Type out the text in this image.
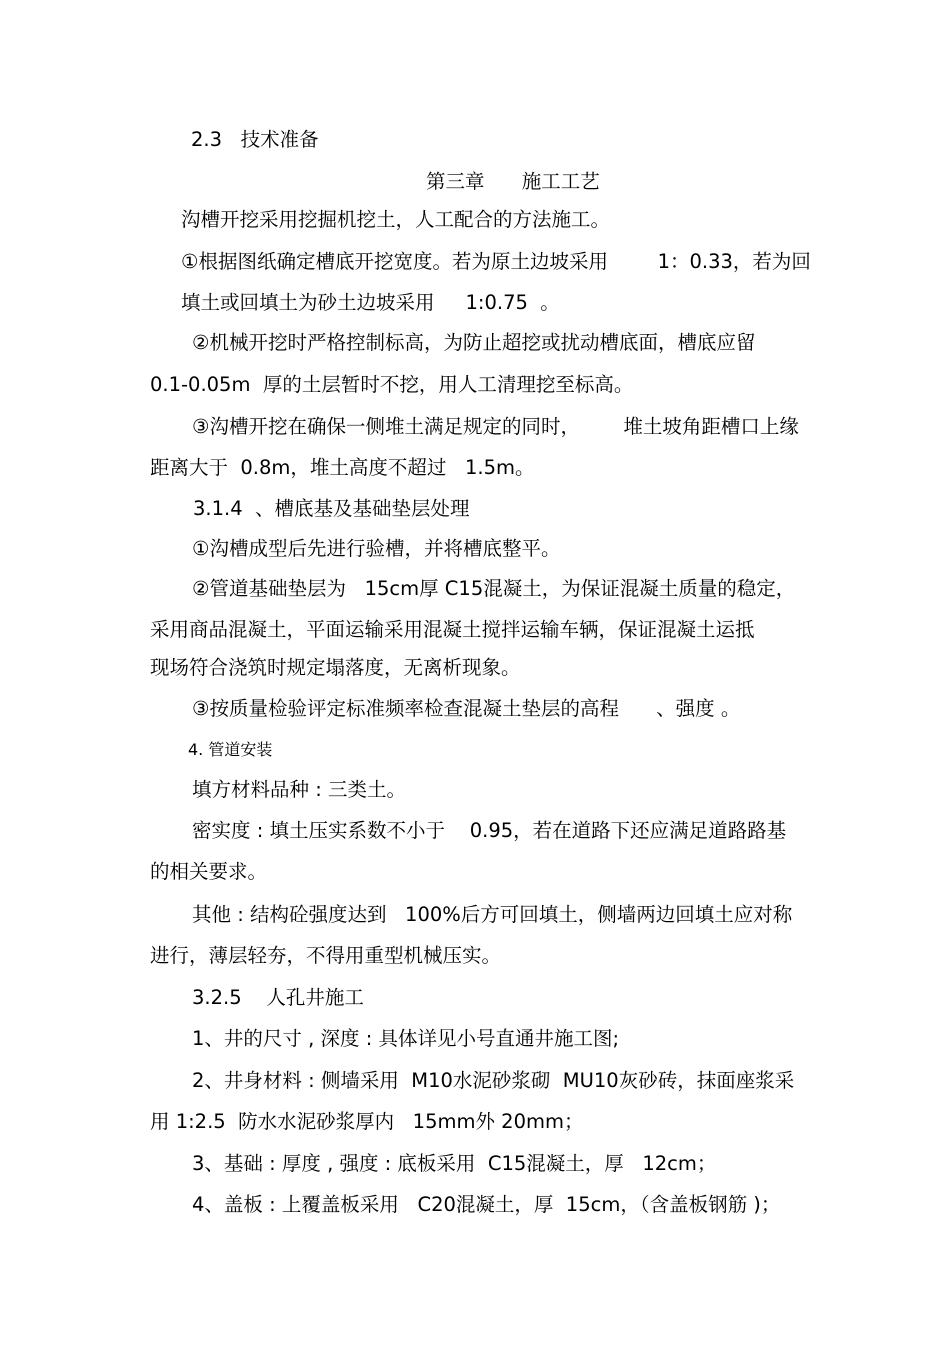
2.3   技术准备
第三章      施工工艺
沟槽开挖采用挖掘机挖土，人工配合的方法施工。
①根据图纸确定槽底开挖宽度。若为原土边坡采用        1：0.33，若为回
填土或回填土为砂土边坡采用     1:0.75  。
②机械开挖时严格控制标高，为防止超挖或扰动槽底面，槽底应留
0.1-0.05m  厚的土层暂时不挖，用人工清理挖至标高。
③沟槽开挖在确保一侧堆土满足规定的同时，       堆土坡角距槽口上缘
距离大于  0.8m，堆土高度不超过   1.5m。
3.1.4  、槽底基及基础垫层处理
①沟槽成型后先进行验槽，并将槽底整平。
②管道基础垫层为   15cm厚 C15混凝土，为保证混凝土质量的稳定，
采用商品混凝土，平面运输采用混凝土搅拌运输车辆，保证混凝土运抵
现场符合浇筑时规定塌落度，无离析现象。
③按质量检验评定标准频率检查混凝土垫层的高程      、强度 。
4. 管道安装
填方材料品种 : 三类土。
密实度 : 填土压实系数不小于    0.95，若在道路下还应满足道路路基
的相关要求。
其他 : 结构砼强度达到   100%后方可回填土，侧墙两边回填土应对称
进行，薄层轻夯，不得用重型机械压实。
3.2.5    人孔井施工
1、井的尺寸 , 深度 : 具体详见小号直通井施工图;
2、井身材料 : 侧墙采用  M10水泥砂浆砌  MU10灰砂砖，抹面座浆采
用 1:2.5  防水水泥砂浆厚内   15mm外 20mm；
3、基础 : 厚度 , 强度 : 底板采用  C15混凝土，厚   12cm；
4、盖板 : 上覆盖板采用   C20混凝土，厚  15cm，（含盖板钢筋 )；
